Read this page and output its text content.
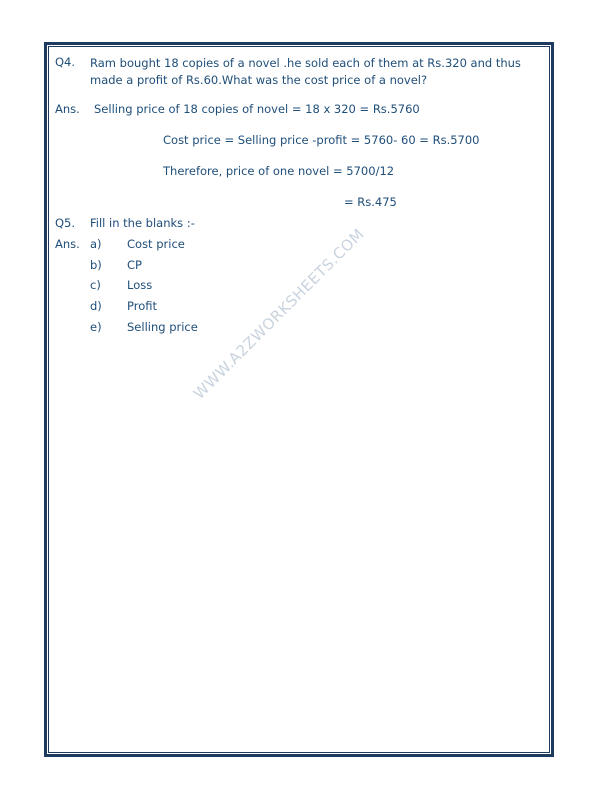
WWW.A2ZWORKSHEETS.COM
Q4. Ram bought 18 copies of a novel .he sold each of them at Rs.320 and thus made a profit of Rs.60.What was the cost price of a novel?
Ans. Selling price of 18 copies of novel = 18 x 320 = Rs.5760
Cost price = Selling price -profit = 5760- 60 = Rs.5700
Therefore, price of one novel = 5700/12
= Rs.475
Q5. Fill in the blanks :-
Ans. a) Cost price
b) CP
c) Loss
d) Profit
e) Selling price
